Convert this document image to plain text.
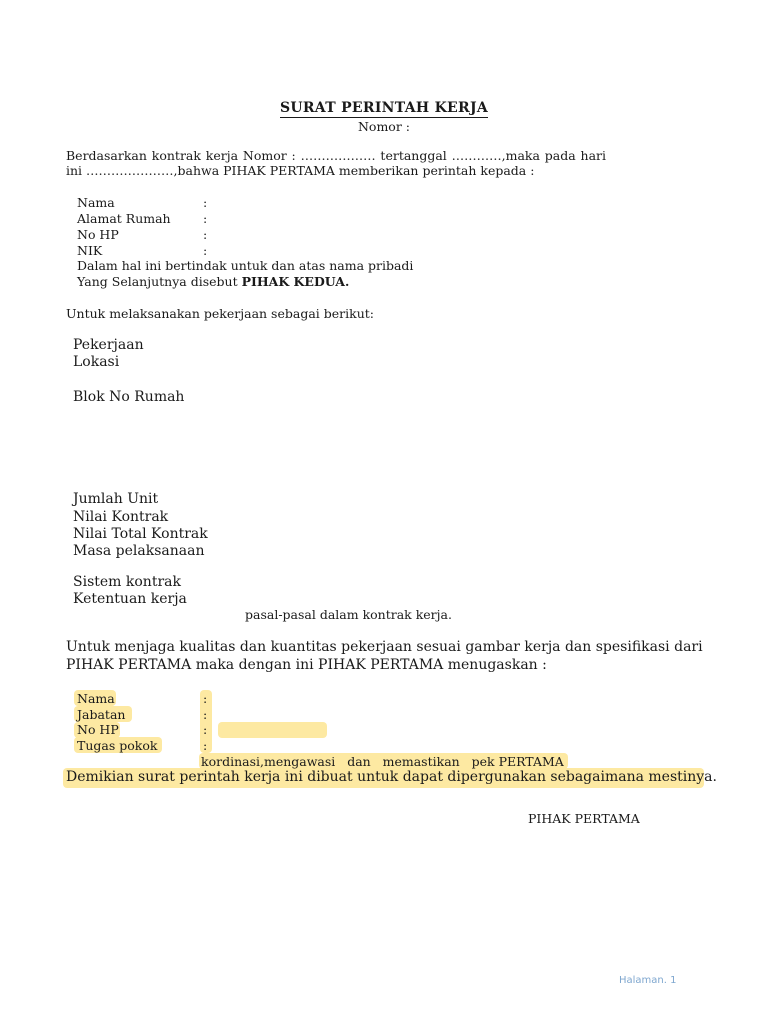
SURAT PERINTAH KERJA
Nomor :
Berdasarkan kontrak kerja Nomor : ……………… tertanggal …………,maka pada hari
ini …………………,bahwa PIHAK PERTAMA memberikan perintah kepada :
Nama	:
Alamat Rumah	:
No HP	:
NIK	:
Dalam hal ini bertindak untuk dan atas nama pribadi
Yang Selanjutnya disebut PIHAK KEDUA.
Untuk melaksanakan pekerjaan sebagai berikut:
Pekerjaan
Lokasi
Blok No Rumah
Jumlah Unit
Nilai Kontrak
Nilai Total Kontrak
Masa pelaksanaan
Sistem kontrak
Ketentuan kerja
pasal-pasal dalam kontrak kerja.
Untuk menjaga kualitas dan kuantitas pekerjaan sesuai gambar kerja dan spesifikasi dari
PIHAK PERTAMA maka dengan ini PIHAK PERTAMA menugaskan :
Nama	:
Jabatan	:
No HP	:
Tugas pokok	:
kordinasi,mengawasi   dan   memastikan   pek PERTAMA
Demikian surat perintah kerja ini dibuat untuk dapat dipergunakan sebagaimana mestinya.
PIHAK PERTAMA
Halaman. 1
